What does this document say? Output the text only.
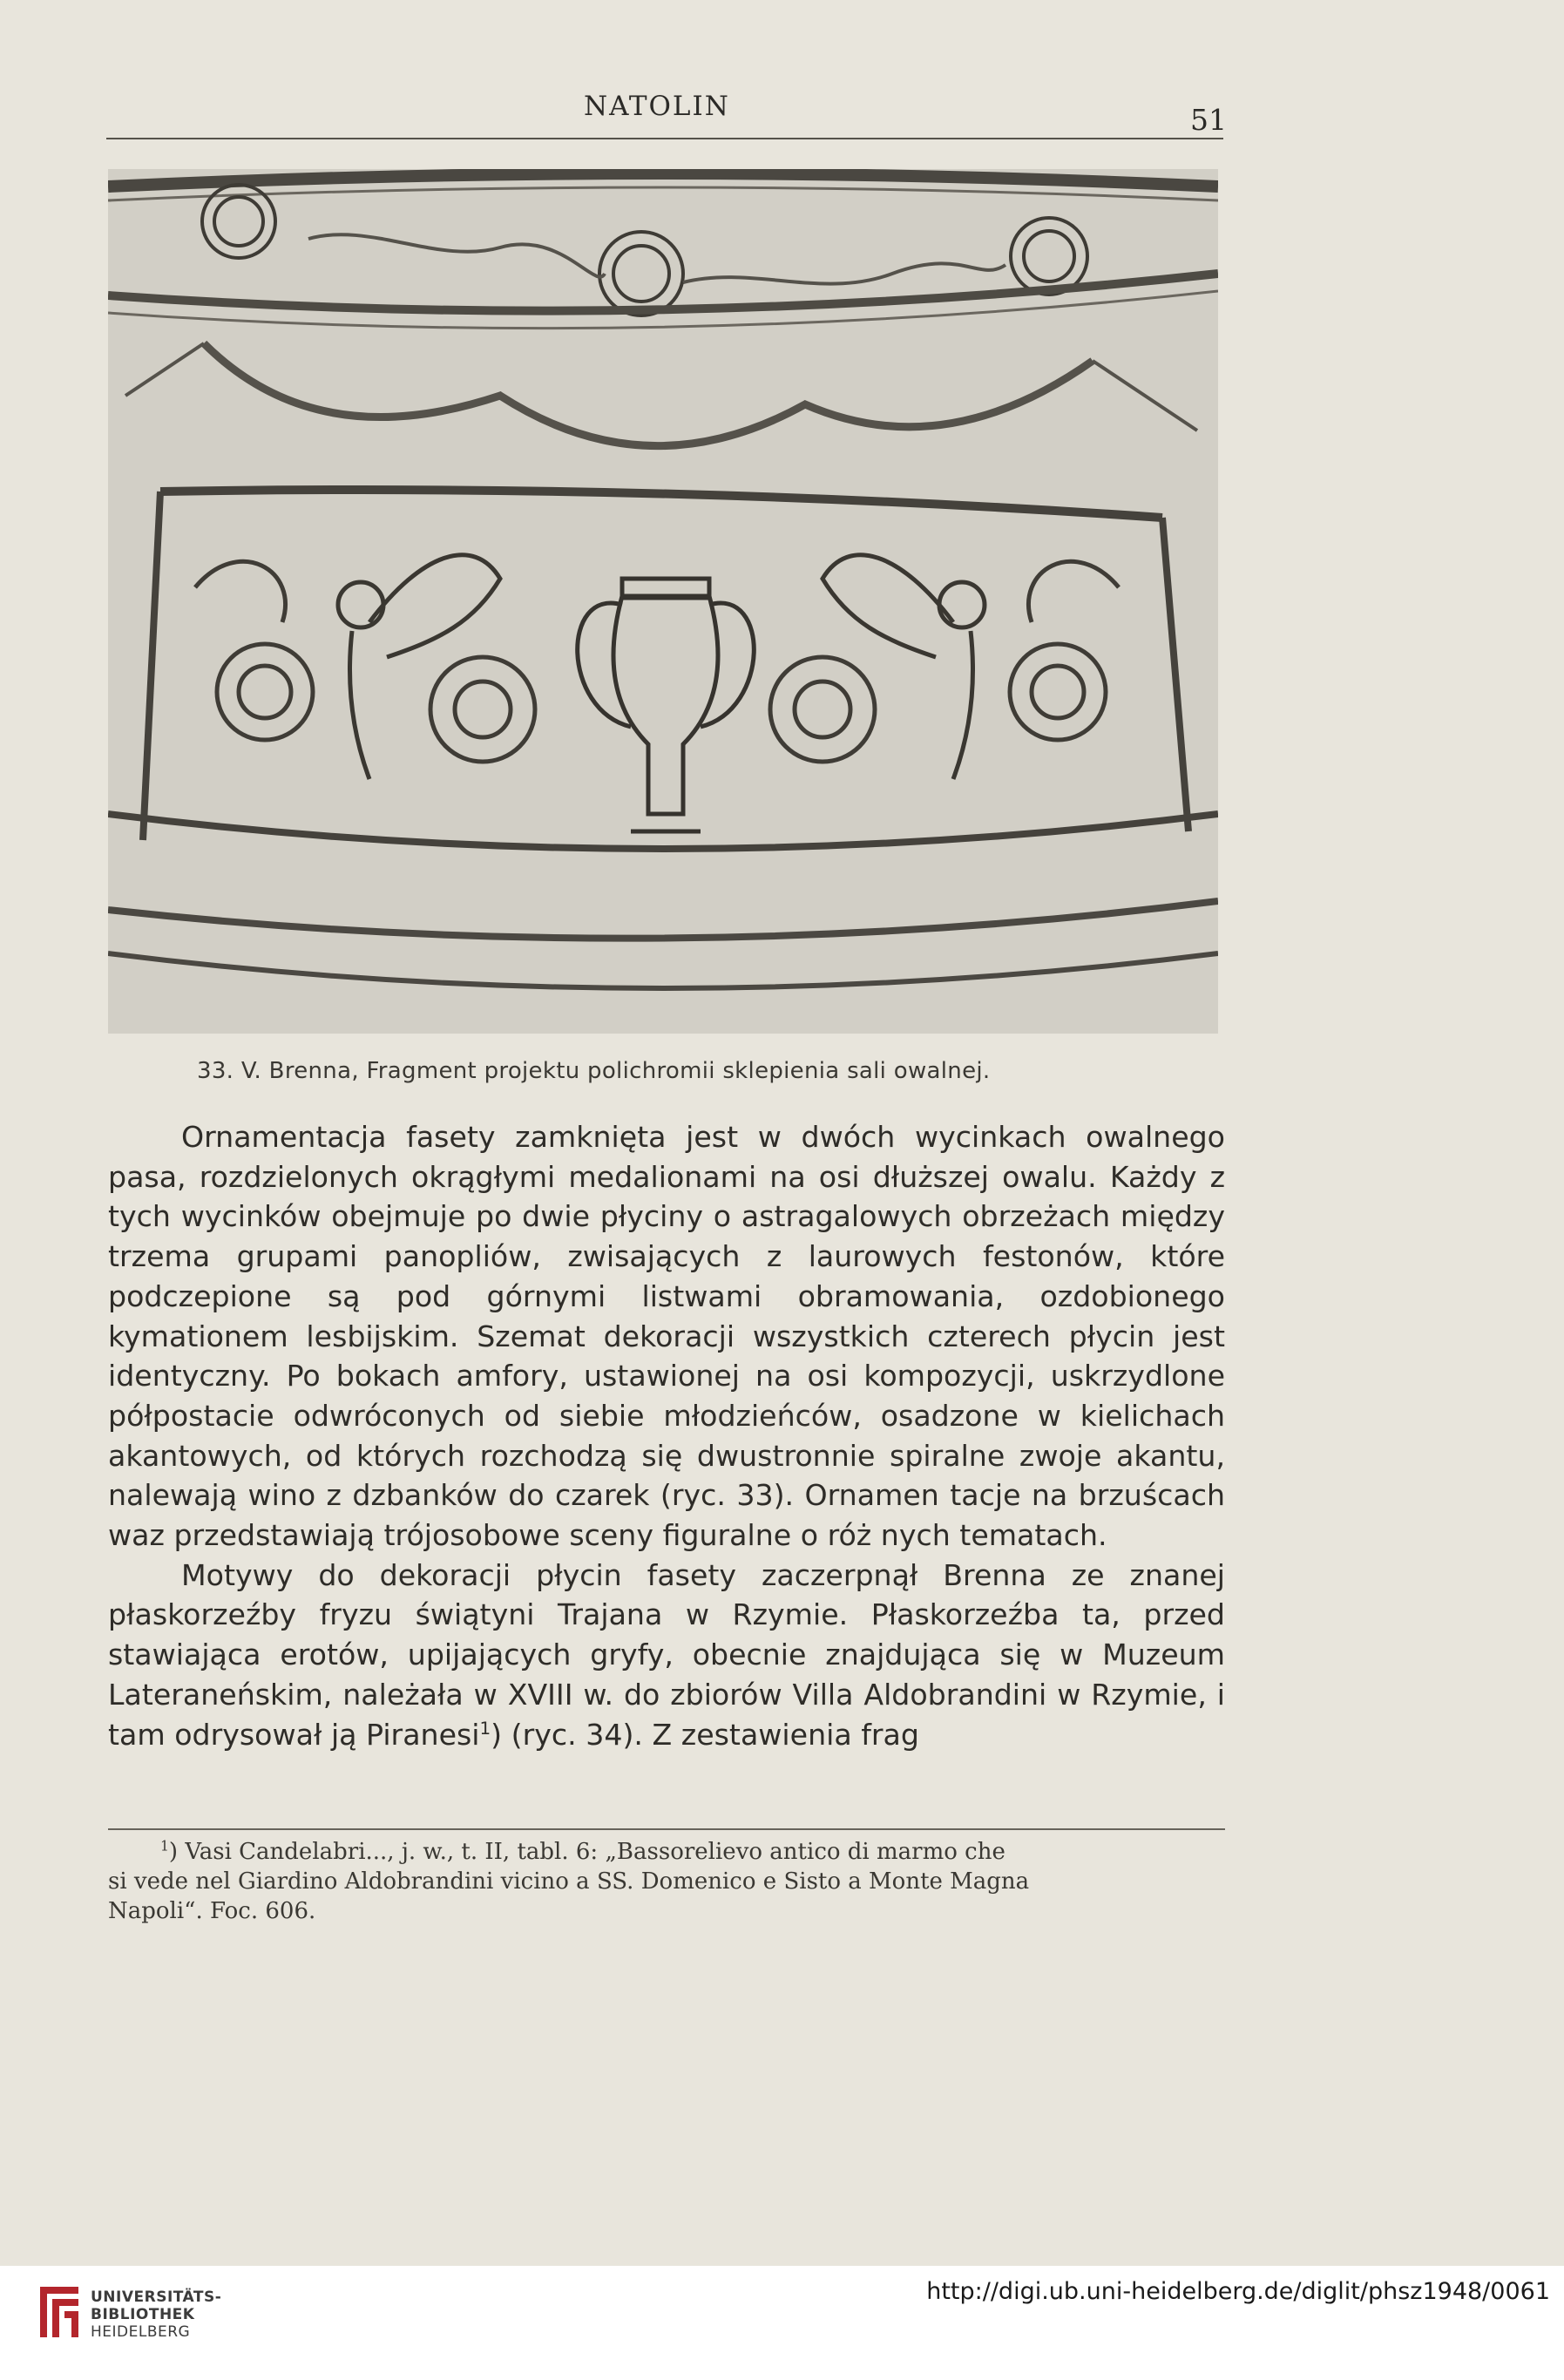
NATOLIN	51
33. V. Brenna, Fragment projektu polichromii sklepienia sali owalnej.

Ornamentacja fasety zamknięta jest w dwóch wycinkach owalnego pasa, rozdzielonych okrągłymi medalionami na osi dłuższej owalu. Każdy z tych wycinków obejmuje po dwie płyciny o astragalowych obrzeżach między trzema grupami panopliów, zwisających z laurowych festonów, które podczepione są pod górnymi listwami obramowania, ozdobionego kymationem lesbijskim. Szemat dekoracji wszystkich czterech płycin jest identyczny. Po bokach amfory, ustawionej na osi kompozycji, uskrzydlone półpostacie odwróconych od siebie młodzieńców, osadzone w kielichach akantowych, od których rozchodzą się dwustronnie spiralne zwoje akantu, nalewają wino z dzbanków do czarek (ryc. 33). Ornamen tacje na brzuścach waz przedstawiają trójosobowe sceny figuralne o róż nych tematach.

Motywy do dekoracji płycin fasety zaczerpnął Brenna ze znanej płaskorzeźby fryzu świątyni Trajana w Rzymie. Płaskorzeźba ta, przed stawiająca erotów, upijających gryfy, obecnie znajdująca się w Muzeum Lateraneńskim, należała w XVIII w. do zbiorów Villa Aldobrandini w Rzymie, i tam odrysował ją Piranesi$^1$) (ryc. 34). Z zestawienia frag

$^1$) Vasi Candelabri..., j. w., t. II, tabl. 6: „Bassorelievo antico di marmo che
si vede nel Giardino Aldobrandini vicino a SS. Domenico e Sisto a Monte Magna
Napoli“. Foc. 606.
UNIVERSITÄTS-
BIBLIOTHEK
HEIDELBERG
http://digi.ub.uni-heidelberg.de/diglit/phsz1948/0061
